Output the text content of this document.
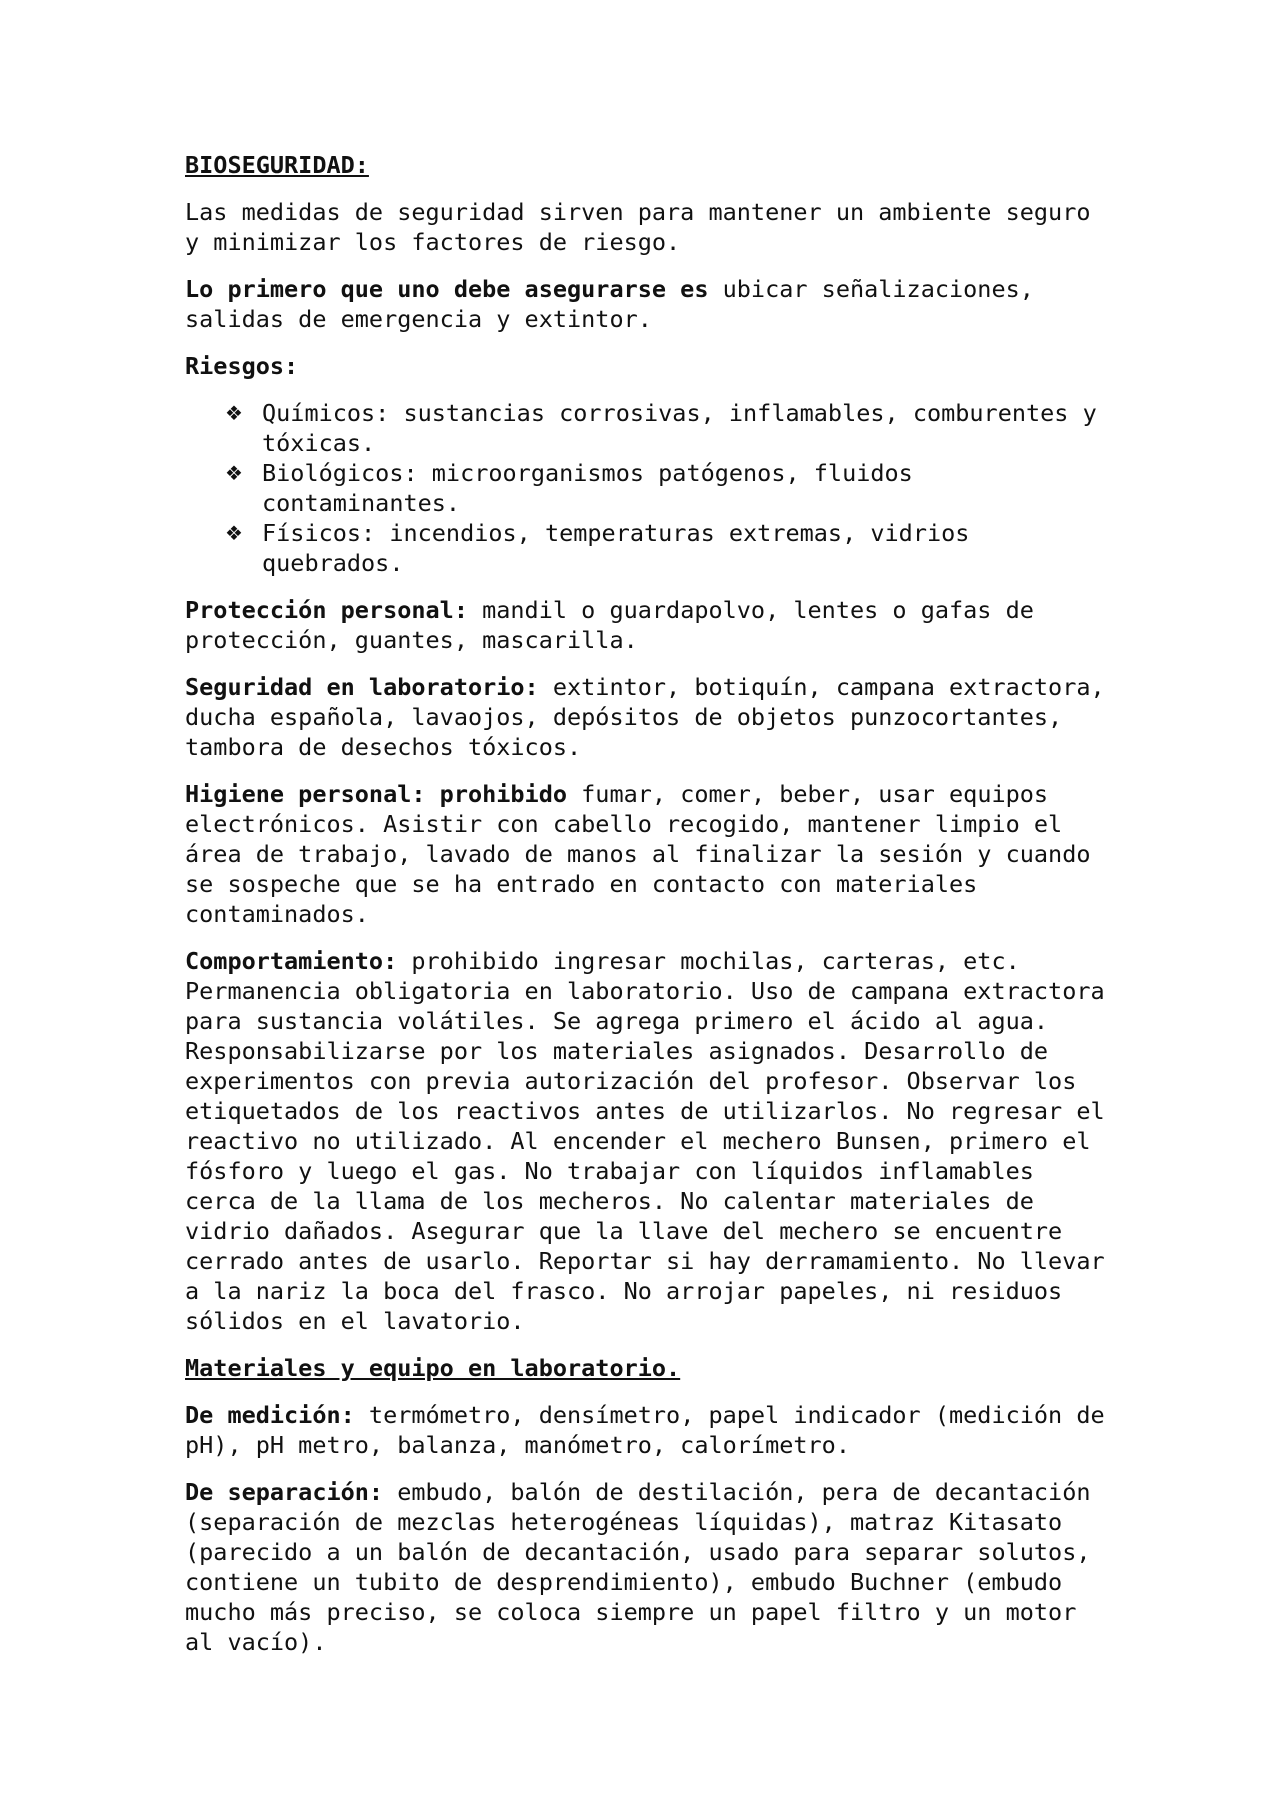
BIOSEGURIDAD:

Las medidas de seguridad sirven para mantener un ambiente seguro y minimizar los factores de riesgo.

Lo primero que uno debe asegurarse es ubicar señalizaciones, salidas de emergencia y extintor.

Riesgos:

❖ Químicos: sustancias corrosivas, inflamables, comburentes y tóxicas.
❖ Biológicos: microorganismos patógenos, fluidos contaminantes.
❖ Físicos: incendios, temperaturas extremas, vidrios quebrados.

Protección personal: mandil o guardapolvo, lentes o gafas de protección, guantes, mascarilla.

Seguridad en laboratorio: extintor, botiquín, campana extractora, ducha española, lavaojos, depósitos de objetos punzocortantes, tambora de desechos tóxicos.

Higiene personal: prohibido fumar, comer, beber, usar equipos electrónicos. Asistir con cabello recogido, mantener limpio el área de trabajo, lavado de manos al finalizar la sesión y cuando se sospeche que se ha entrado en contacto con materiales contaminados.

Comportamiento: prohibido ingresar mochilas, carteras, etc. Permanencia obligatoria en laboratorio. Uso de campana extractora para sustancia volátiles. Se agrega primero el ácido al agua. Responsabilizarse por los materiales asignados. Desarrollo de experimentos con previa autorización del profesor. Observar los etiquetados de los reactivos antes de utilizarlos. No regresar el reactivo no utilizado. Al encender el mechero Bunsen, primero el fósforo y luego el gas. No trabajar con líquidos inflamables cerca de la llama de los mecheros. No calentar materiales de vidrio dañados. Asegurar que la llave del mechero se encuentre cerrado antes de usarlo. Reportar si hay derramamiento. No llevar a la nariz la boca del frasco. No arrojar papeles, ni residuos sólidos en el lavatorio.

Materiales y equipo en laboratorio.

De medición: termómetro, densímetro, papel indicador (medición de pH), pH metro, balanza, manómetro, calorímetro.

De separación: embudo, balón de destilación, pera de decantación (separación de mezclas heterogéneas líquidas), matraz Kitasato (parecido a un balón de decantación, usado para separar solutos, contiene un tubito de desprendimiento), embudo Buchner (embudo mucho más preciso, se coloca siempre un papel filtro y un motor al vacío).
